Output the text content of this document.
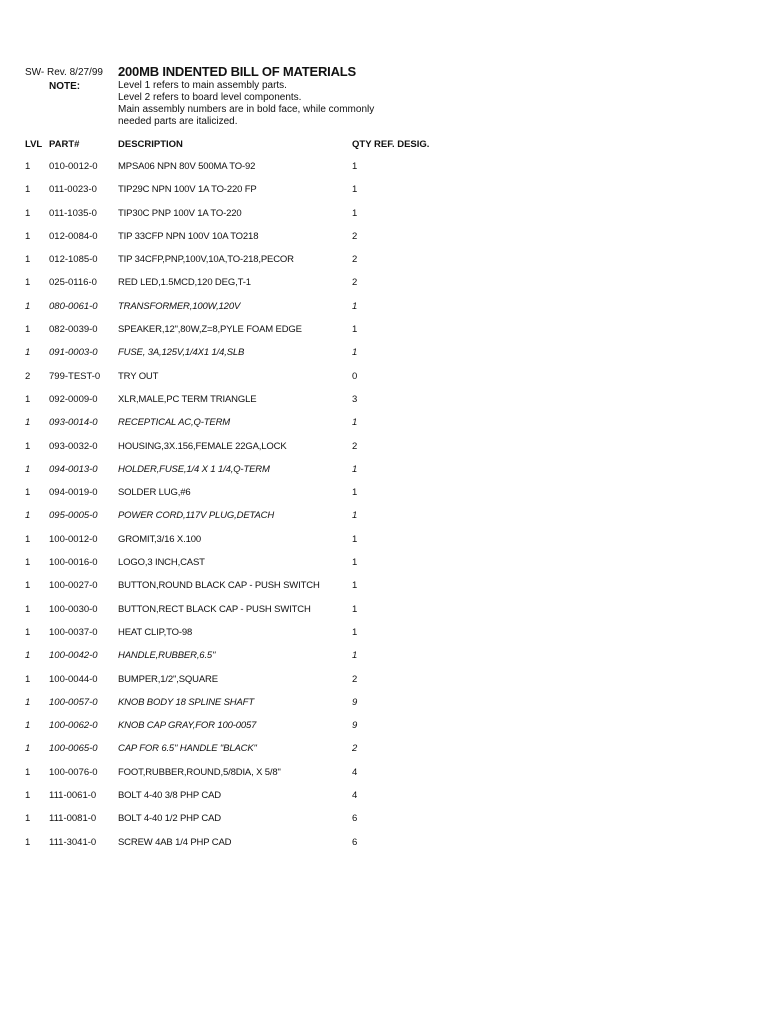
SW- Rev. 8/27/99
NOTE:
200MB INDENTED BILL OF MATERIALS
Level 1 refers to main assembly parts.
Level 2 refers to board level components.
Main assembly numbers are in bold face, while commonly
needed parts are italicized.
LVL PART#	DESCRIPTION	QTY REF. DESIG.
1 010-0012-0 MPSA06 NPN 80V 500MA TO-92	1
1 011-0023-0 TIP29C NPN 100V 1A TO-220 FP	1
1 011-1035-0 TIP30C PNP 100V 1A TO-220	1
1 012-0084-0 TIP 33CFP NPN 100V 10A TO218	2
1 012-1085-0 TIP 34CFP,PNP,100V,10A,TO-218,PECOR	2
1 025-0116-0 RED LED,1.5MCD,120 DEG,T-1	2
1 080-0061-0 TRANSFORMER,100W,120V	1
1 082-0039-0 SPEAKER,12",80W,Z=8,PYLE FOAM EDGE	1
1 091-0003-0 FUSE, 3A,125V,1/4X1 1/4,SLB	1
2 799-TEST-0 TRY OUT	0
1 092-0009-0 XLR,MALE,PC TERM TRIANGLE	3
1 093-0014-0 RECEPTICAL AC,Q-TERM	1
1 093-0032-0 HOUSING,3X.156,FEMALE 22GA,LOCK	2
1 094-0013-0 HOLDER,FUSE,1/4 X 1 1/4,Q-TERM	1
1 094-0019-0 SOLDER LUG,#6	1
1 095-0005-0 POWER CORD,117V PLUG,DETACH	1
1 100-0012-0 GROMIT,3/16 X.100	1
1 100-0016-0 LOGO,3 INCH,CAST	1
1 100-0027-0 BUTTON,ROUND BLACK CAP - PUSH SWITCH	1
1 100-0030-0 BUTTON,RECT BLACK CAP - PUSH SWITCH	1
1 100-0037-0 HEAT CLIP,TO-98	1
1 100-0042-0 HANDLE,RUBBER,6.5"	1
1 100-0044-0 BUMPER,1/2",SQUARE	2
1 100-0057-0 KNOB BODY 18 SPLINE SHAFT	9
1 100-0062-0 KNOB CAP GRAY,FOR 100-0057	9
1 100-0065-0 CAP FOR 6.5" HANDLE "BLACK"	2
1 100-0076-0 FOOT,RUBBER,ROUND,5/8DIA, X 5/8"	4
1 111-0061-0 BOLT 4-40 3/8 PHP CAD	4
1 111-0081-0 BOLT 4-40 1/2 PHP CAD	6
1 111-3041-0 SCREW 4AB 1/4 PHP CAD	6
